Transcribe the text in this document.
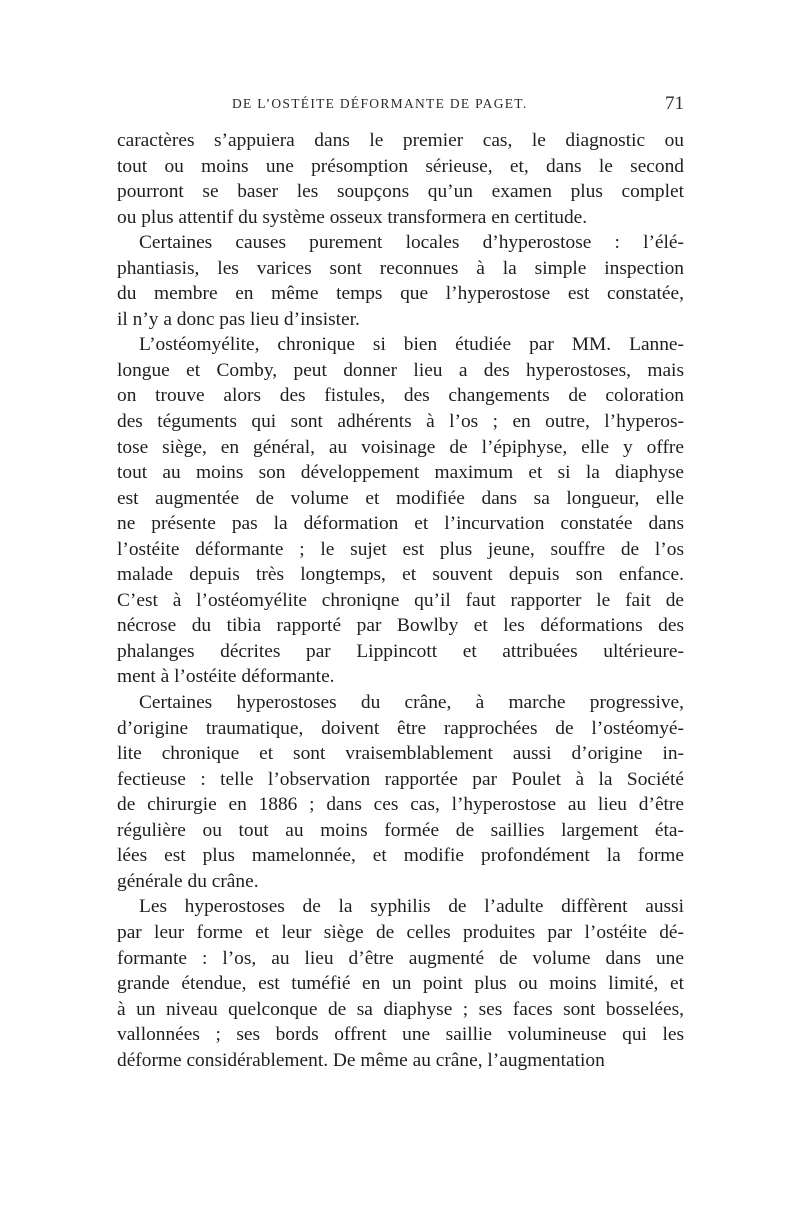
DE L’OSTÉITE DÉFORMANTE DE PAGET.	71
caractères s’appuiera dans le premier cas, le diagnostic ou
tout ou moins une présomption sérieuse, et, dans le second
pourront se baser les soupçons qu’un examen plus complet
ou plus attentif du système osseux transformera en certitude.
Certaines causes purement locales d’hyperostose : l’élé-
phantiasis, les varices sont reconnues à la simple inspection
du membre en même temps que l’hyperostose est constatée,
il n’y a donc pas lieu d’insister.
L’ostéomyélite, chronique si bien étudiée par MM. Lanne-
longue et Comby, peut donner lieu a des hyperostoses, mais
on trouve alors des fistules, des changements de coloration
des téguments qui sont adhérents à l’os ; en outre, l’hyperos-
tose siège, en général, au voisinage de l’épiphyse, elle y offre
tout au moins son développement maximum et si la diaphyse
est augmentée de volume et modifiée dans sa longueur, elle
ne présente pas la déformation et l’incurvation constatée dans
l’ostéite déformante ; le sujet est plus jeune, souffre de l’os
malade depuis très longtemps, et souvent depuis son enfance.
C’est à l’ostéomyélite chroniqne qu’il faut rapporter le fait de
nécrose du tibia rapporté par Bowlby et les déformations des
phalanges décrites par Lippincott et attribuées ultérieure-
ment à l’ostéite déformante.
Certaines hyperostoses du crâne, à marche progressive,
d’origine traumatique, doivent être rapprochées de l’ostéomyé-
lite chronique et sont vraisemblablement aussi d’origine in-
fectieuse : telle l’observation rapportée par Poulet à la Société
de chirurgie en 1886 ; dans ces cas, l’hyperostose au lieu d’être
régulière ou tout au moins formée de saillies largement éta-
lées est plus mamelonnée, et modifie profondément la forme
générale du crâne.
Les hyperostoses de la syphilis de l’adulte diffèrent aussi
par leur forme et leur siège de celles produites par l’ostéite dé-
formante : l’os, au lieu d’être augmenté de volume dans une
grande étendue, est tuméfié en un point plus ou moins limité, et
à un niveau quelconque de sa diaphyse ; ses faces sont bosselées,
vallonnées ; ses bords offrent une saillie volumineuse qui les
déforme considérablement. De même au crâne, l’augmentation
